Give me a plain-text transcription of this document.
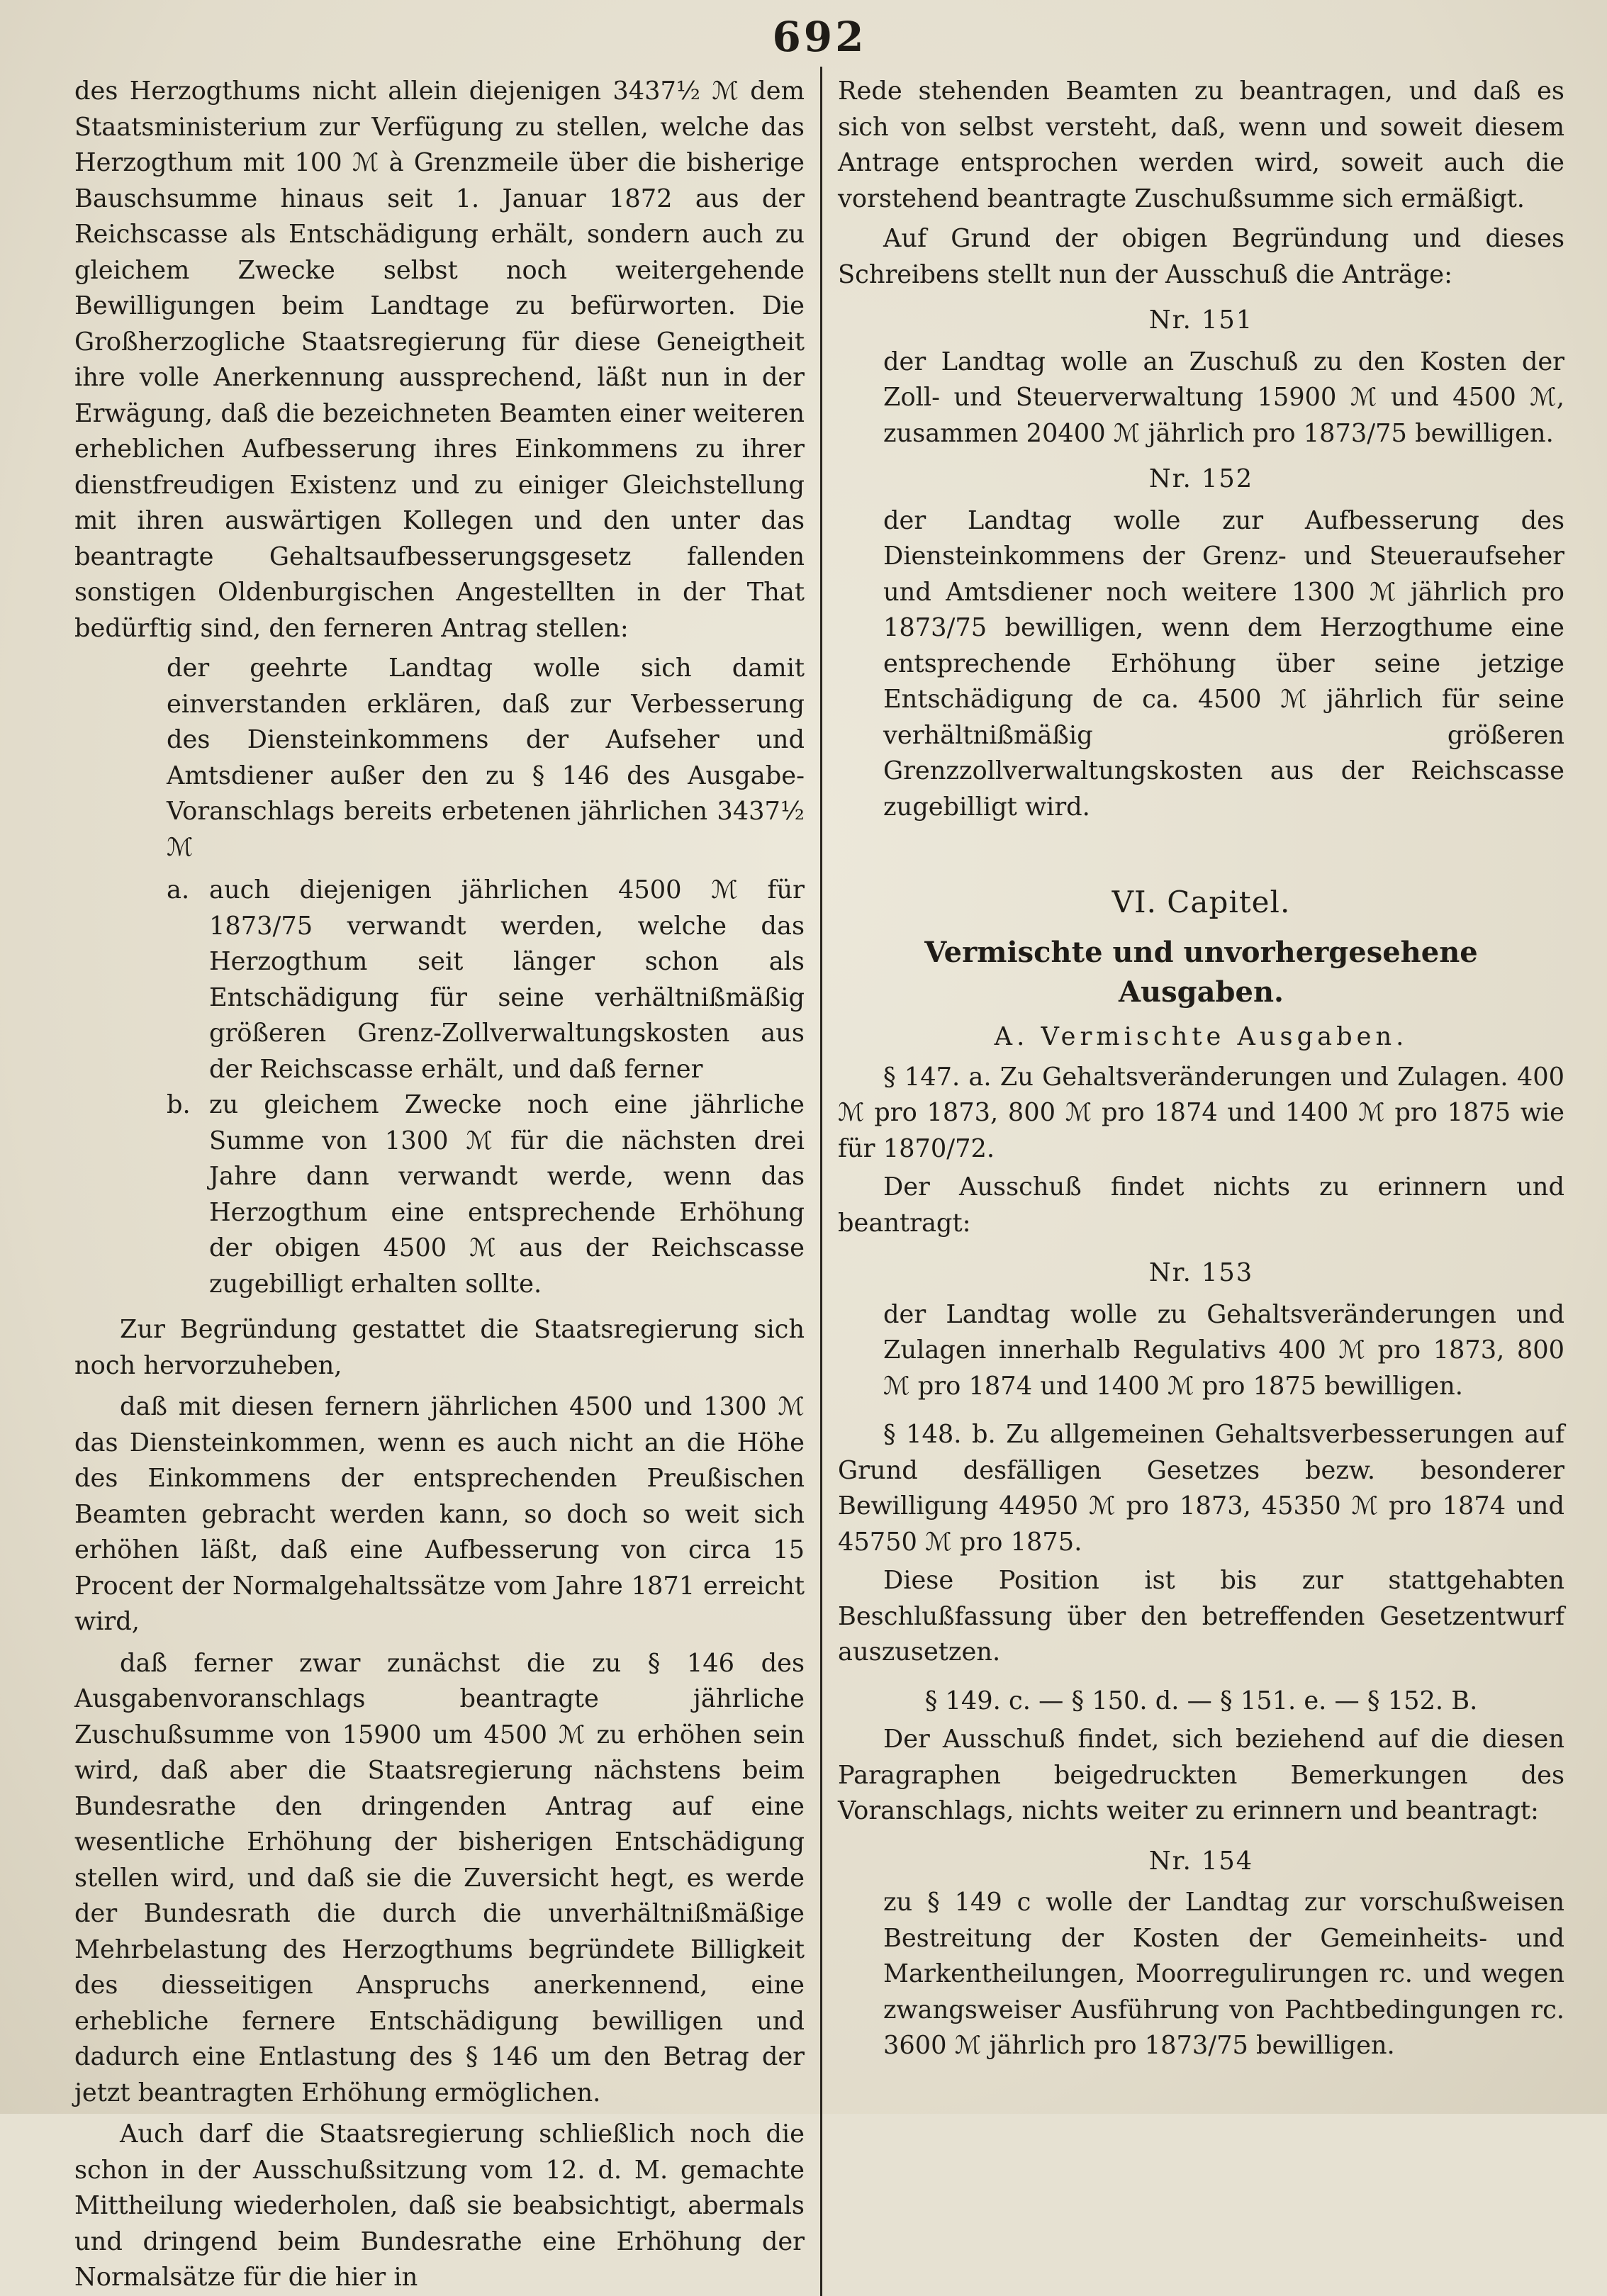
692

des Herzogthums nicht allein diejenigen 3437½ ℳ dem Staatsministerium zur Verfügung zu stellen, welche das Herzogthum mit 100 ℳ à Grenzmeile über die bisherige Bauschsumme hinaus seit 1. Januar 1872 aus der Reichscasse als Entschädigung erhält, sondern auch zu gleichem Zwecke selbst noch weitergehende Bewilligungen beim Landtage zu befürworten. Die Großherzogliche Staatsregierung für diese Geneigtheit ihre volle Anerkennung aussprechend, läßt nun in der Erwägung, daß die bezeichneten Beamten einer weiteren erheblichen Aufbesserung ihres Einkommens zu ihrer dienstfreudigen Existenz und zu einiger Gleichstellung mit ihren auswärtigen Kollegen und den unter das beantragte Gehaltsaufbesserungsgesetz fallenden sonstigen Oldenburgischen Angestellten in der That bedürftig sind, den ferneren Antrag stellen:

der geehrte Landtag wolle sich damit einverstanden erklären, daß zur Verbesserung des Diensteinkommens der Aufseher und Amtsdiener außer den zu § 146 des Ausgabe-Voranschlags bereits erbetenen jährlichen 3437½ ℳ

a. auch diejenigen jährlichen 4500 ℳ für 1873/75 verwandt werden, welche das Herzogthum seit länger schon als Entschädigung für seine verhältnißmäßig größeren Grenz-Zollverwaltungskosten aus der Reichscasse erhält, und daß ferner
b. zu gleichem Zwecke noch eine jährliche Summe von 1300 ℳ für die nächsten drei Jahre dann verwandt werde, wenn das Herzogthum eine entsprechende Erhöhung der obigen 4500 ℳ aus der Reichscasse zugebilligt erhalten sollte.

Zur Begründung gestattet die Staatsregierung sich noch hervorzuheben,

daß mit diesen fernern jährlichen 4500 und 1300 ℳ das Diensteinkommen, wenn es auch nicht an die Höhe des Einkommens der entsprechenden Preußischen Beamten gebracht werden kann, so doch so weit sich erhöhen läßt, daß eine Aufbesserung von circa 15 Procent der Normalgehaltssätze vom Jahre 1871 erreicht wird,

daß ferner zwar zunächst die zu § 146 des Ausgabenvoranschlags beantragte jährliche Zuschußsumme von 15900 um 4500 ℳ zu erhöhen sein wird, daß aber die Staatsregierung nächstens beim Bundesrathe den dringenden Antrag auf eine wesentliche Erhöhung der bisherigen Entschädigung stellen wird, und daß sie die Zuversicht hegt, es werde der Bundesrath die durch die unverhältnißmäßige Mehrbelastung des Herzogthums begründete Billigkeit des diesseitigen Anspruchs anerkennend, eine erhebliche fernere Entschädigung bewilligen und dadurch eine Entlastung des § 146 um den Betrag der jetzt beantragten Erhöhung ermöglichen.

Auch darf die Staatsregierung schließlich noch die schon in der Ausschußsitzung vom 12. d. M. gemachte Mittheilung wiederholen, daß sie beabsichtigt, abermals und dringend beim Bundesrathe eine Erhöhung der Normalsätze für die hier in

Rede stehenden Beamten zu beantragen, und daß es sich von selbst versteht, daß, wenn und soweit diesem Antrage entsprochen werden wird, soweit auch die vorstehend beantragte Zuschußsumme sich ermäßigt.

Auf Grund der obigen Begründung und dieses Schreibens stellt nun der Ausschuß die Anträge:

Nr. 151

der Landtag wolle an Zuschuß zu den Kosten der Zoll- und Steuerverwaltung 15900 ℳ und 4500 ℳ, zusammen 20400 ℳ jährlich pro 1873/75 bewilligen.

Nr. 152

der Landtag wolle zur Aufbesserung des Diensteinkommens der Grenz- und Steueraufseher und Amtsdiener noch weitere 1300 ℳ jährlich pro 1873/75 bewilligen, wenn dem Herzogthume eine entsprechende Erhöhung über seine jetzige Entschädigung de ca. 4500 ℳ jährlich für seine verhältnißmäßig größeren Grenzzollverwaltungskosten aus der Reichscasse zugebilligt wird.

VI. Capitel.
Vermischte und unvorhergesehene Ausgaben.
A. Vermischte Ausgaben.

§ 147. a. Zu Gehaltsveränderungen und Zulagen. 400 ℳ pro 1873, 800 ℳ pro 1874 und 1400 ℳ pro 1875 wie für 1870/72.

Der Ausschuß findet nichts zu erinnern und beantragt:

Nr. 153

der Landtag wolle zu Gehaltsveränderungen und Zulagen innerhalb Regulativs 400 ℳ pro 1873, 800 ℳ pro 1874 und 1400 ℳ pro 1875 bewilligen.

§ 148. b. Zu allgemeinen Gehaltsverbesserungen auf Grund desfälligen Gesetzes bezw. besonderer Bewilligung 44950 ℳ pro 1873, 45350 ℳ pro 1874 und 45750 ℳ pro 1875.

Diese Position ist bis zur stattgehabten Beschlußfassung über den betreffenden Gesetzentwurf auszusetzen.

§ 149. c. — § 150. d. — § 151. e. — § 152. B.

Der Ausschuß findet, sich beziehend auf die diesen Paragraphen beigedruckten Bemerkungen des Voranschlags, nichts weiter zu erinnern und beantragt:

Nr. 154

zu § 149 c wolle der Landtag zur vorschußweisen Bestreitung der Kosten der Gemeinheits- und Markentheilungen, Moorregulirungen rc. und wegen zwangsweiser Ausführung von Pachtbedingungen rc. 3600 ℳ jährlich pro 1873/75 bewilligen.
